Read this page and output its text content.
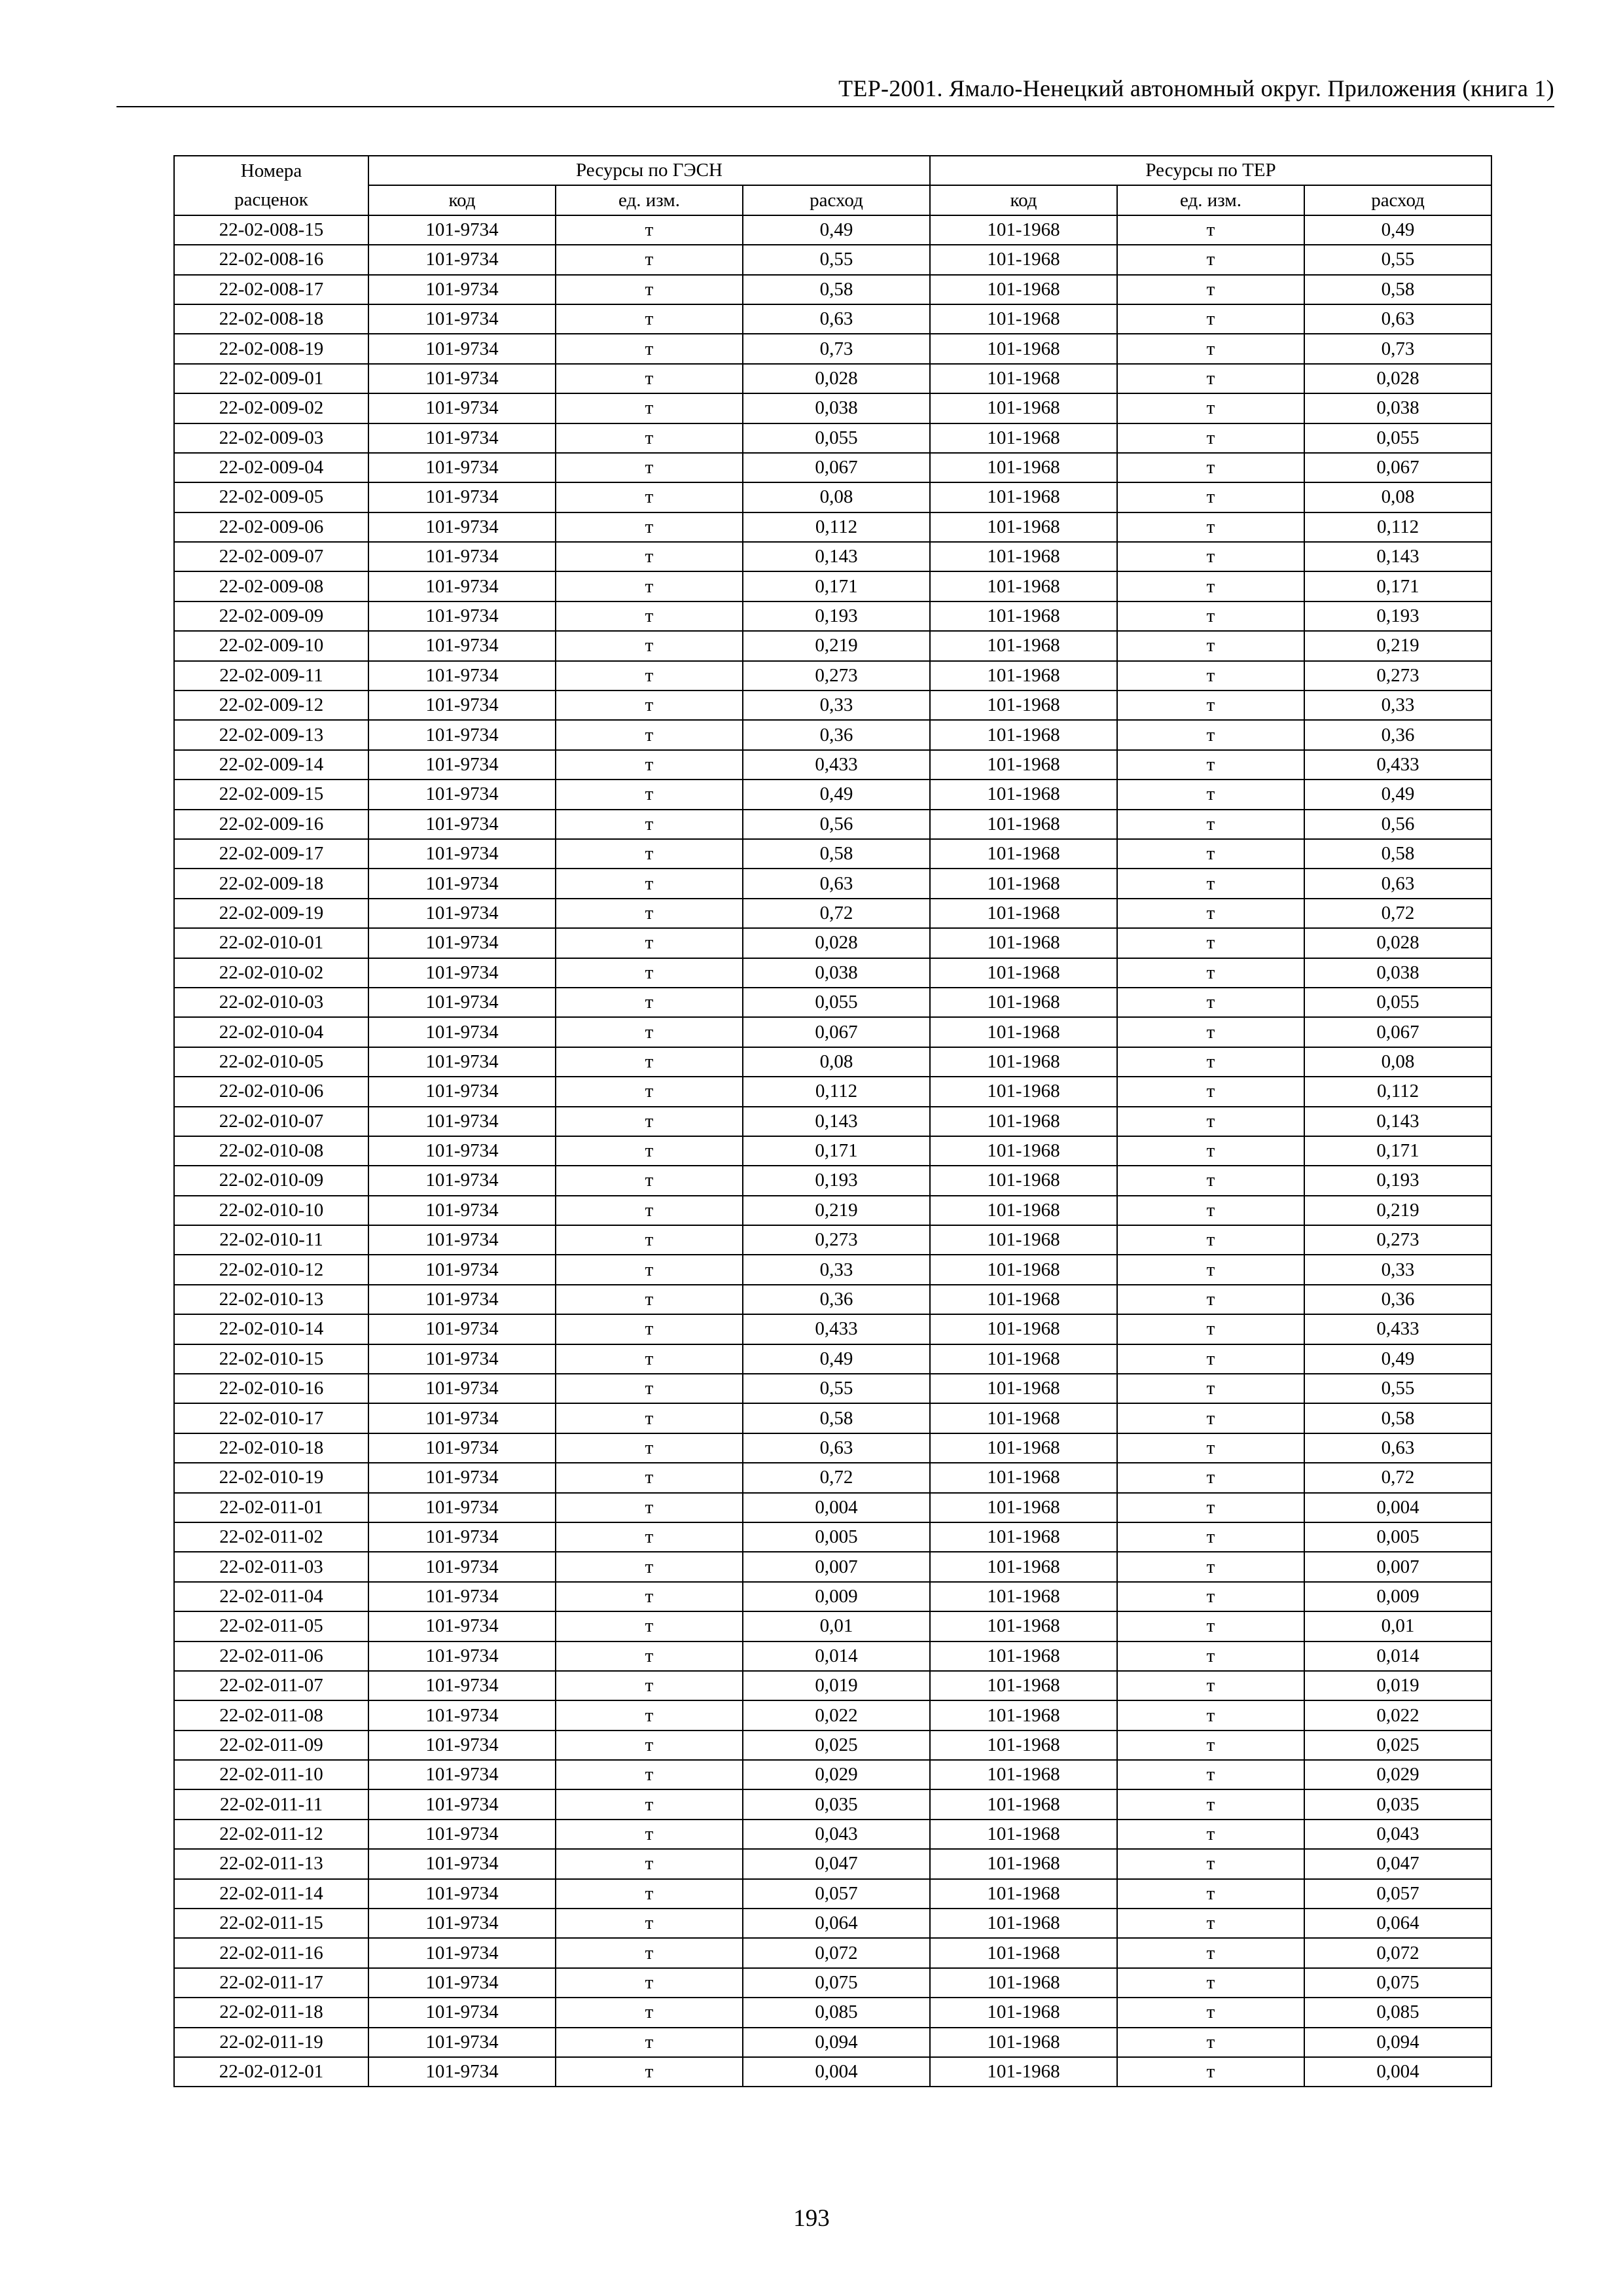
ТЕР-2001. Ямало-Ненецкий автономный округ. Приложения (книга 1)
Номера	Ресурсы по ГЭСН			Ресурсы по ТЕР		
расценок	код	ед. изм.	расход	код	ед. изм.	расход
22-02-008-15	101-9734	т	0,49	101-1968	т	0,49
22-02-008-16	101-9734	т	0,55	101-1968	т	0,55
22-02-008-17	101-9734	т	0,58	101-1968	т	0,58
22-02-008-18	101-9734	т	0,63	101-1968	т	0,63
22-02-008-19	101-9734	т	0,73	101-1968	т	0,73
22-02-009-01	101-9734	т	0,028	101-1968	т	0,028
22-02-009-02	101-9734	т	0,038	101-1968	т	0,038
22-02-009-03	101-9734	т	0,055	101-1968	т	0,055
22-02-009-04	101-9734	т	0,067	101-1968	т	0,067
22-02-009-05	101-9734	т	0,08	101-1968	т	0,08
22-02-009-06	101-9734	т	0,112	101-1968	т	0,112
22-02-009-07	101-9734	т	0,143	101-1968	т	0,143
22-02-009-08	101-9734	т	0,171	101-1968	т	0,171
22-02-009-09	101-9734	т	0,193	101-1968	т	0,193
22-02-009-10	101-9734	т	0,219	101-1968	т	0,219
22-02-009-11	101-9734	т	0,273	101-1968	т	0,273
22-02-009-12	101-9734	т	0,33	101-1968	т	0,33
22-02-009-13	101-9734	т	0,36	101-1968	т	0,36
22-02-009-14	101-9734	т	0,433	101-1968	т	0,433
22-02-009-15	101-9734	т	0,49	101-1968	т	0,49
22-02-009-16	101-9734	т	0,56	101-1968	т	0,56
22-02-009-17	101-9734	т	0,58	101-1968	т	0,58
22-02-009-18	101-9734	т	0,63	101-1968	т	0,63
22-02-009-19	101-9734	т	0,72	101-1968	т	0,72
22-02-010-01	101-9734	т	0,028	101-1968	т	0,028
22-02-010-02	101-9734	т	0,038	101-1968	т	0,038
22-02-010-03	101-9734	т	0,055	101-1968	т	0,055
22-02-010-04	101-9734	т	0,067	101-1968	т	0,067
22-02-010-05	101-9734	т	0,08	101-1968	т	0,08
22-02-010-06	101-9734	т	0,112	101-1968	т	0,112
22-02-010-07	101-9734	т	0,143	101-1968	т	0,143
22-02-010-08	101-9734	т	0,171	101-1968	т	0,171
22-02-010-09	101-9734	т	0,193	101-1968	т	0,193
22-02-010-10	101-9734	т	0,219	101-1968	т	0,219
22-02-010-11	101-9734	т	0,273	101-1968	т	0,273
22-02-010-12	101-9734	т	0,33	101-1968	т	0,33
22-02-010-13	101-9734	т	0,36	101-1968	т	0,36
22-02-010-14	101-9734	т	0,433	101-1968	т	0,433
22-02-010-15	101-9734	т	0,49	101-1968	т	0,49
22-02-010-16	101-9734	т	0,55	101-1968	т	0,55
22-02-010-17	101-9734	т	0,58	101-1968	т	0,58
22-02-010-18	101-9734	т	0,63	101-1968	т	0,63
22-02-010-19	101-9734	т	0,72	101-1968	т	0,72
22-02-011-01	101-9734	т	0,004	101-1968	т	0,004
22-02-011-02	101-9734	т	0,005	101-1968	т	0,005
22-02-011-03	101-9734	т	0,007	101-1968	т	0,007
22-02-011-04	101-9734	т	0,009	101-1968	т	0,009
22-02-011-05	101-9734	т	0,01	101-1968	т	0,01
22-02-011-06	101-9734	т	0,014	101-1968	т	0,014
22-02-011-07	101-9734	т	0,019	101-1968	т	0,019
22-02-011-08	101-9734	т	0,022	101-1968	т	0,022
22-02-011-09	101-9734	т	0,025	101-1968	т	0,025
22-02-011-10	101-9734	т	0,029	101-1968	т	0,029
22-02-011-11	101-9734	т	0,035	101-1968	т	0,035
22-02-011-12	101-9734	т	0,043	101-1968	т	0,043
22-02-011-13	101-9734	т	0,047	101-1968	т	0,047
22-02-011-14	101-9734	т	0,057	101-1968	т	0,057
22-02-011-15	101-9734	т	0,064	101-1968	т	0,064
22-02-011-16	101-9734	т	0,072	101-1968	т	0,072
22-02-011-17	101-9734	т	0,075	101-1968	т	0,075
22-02-011-18	101-9734	т	0,085	101-1968	т	0,085
22-02-011-19	101-9734	т	0,094	101-1968	т	0,094
22-02-012-01	101-9734	т	0,004	101-1968	т	0,004
193
